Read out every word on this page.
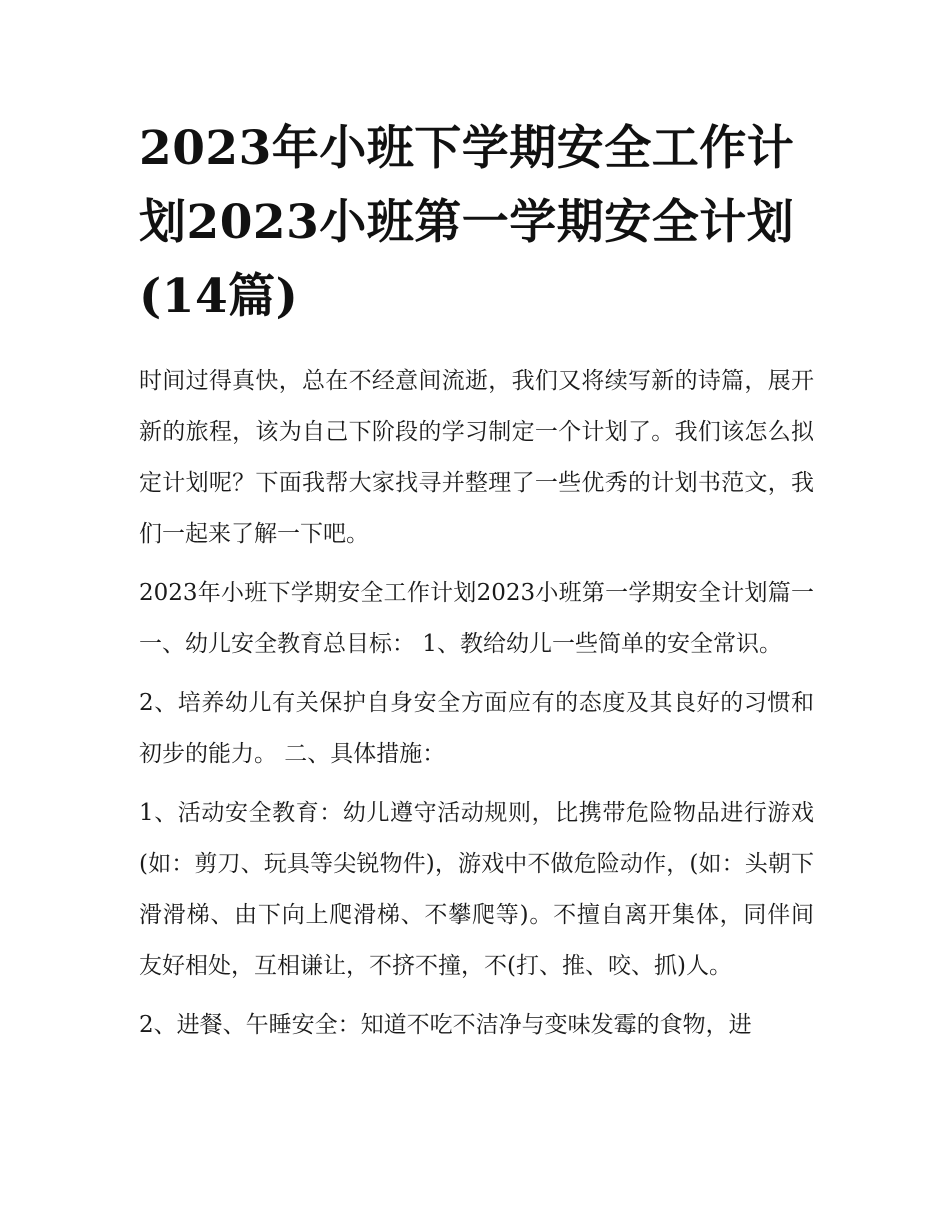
2023年小班下学期安全工作计划2023小班第一学期安全计划(14篇)

时间过得真快，总在不经意间流逝，我们又将续写新的诗篇，展开新的旅程，该为自己下阶段的学习制定一个计划了。我们该怎么拟定计划呢？下面我帮大家找寻并整理了一些优秀的计划书范文，我们一起来了解一下吧。

2023年小班下学期安全工作计划2023小班第一学期安全计划篇一 一、幼儿安全教育总目标： 1、教给幼儿一些简单的安全常识。

2、培养幼儿有关保护自身安全方面应有的态度及其良好的习惯和初步的能力。 二、具体措施：

1、活动安全教育：幼儿遵守活动规则，比携带危险物品进行游戏(如：剪刀、玩具等尖锐物件)，游戏中不做危险动作，(如：头朝下滑滑梯、由下向上爬滑梯、不攀爬等)。不擅自离开集体，同伴间友好相处，互相谦让，不挤不撞，不(打、推、咬、抓)人。

2、进餐、午睡安全：知道不吃不洁净与变味发霉的食物，进
